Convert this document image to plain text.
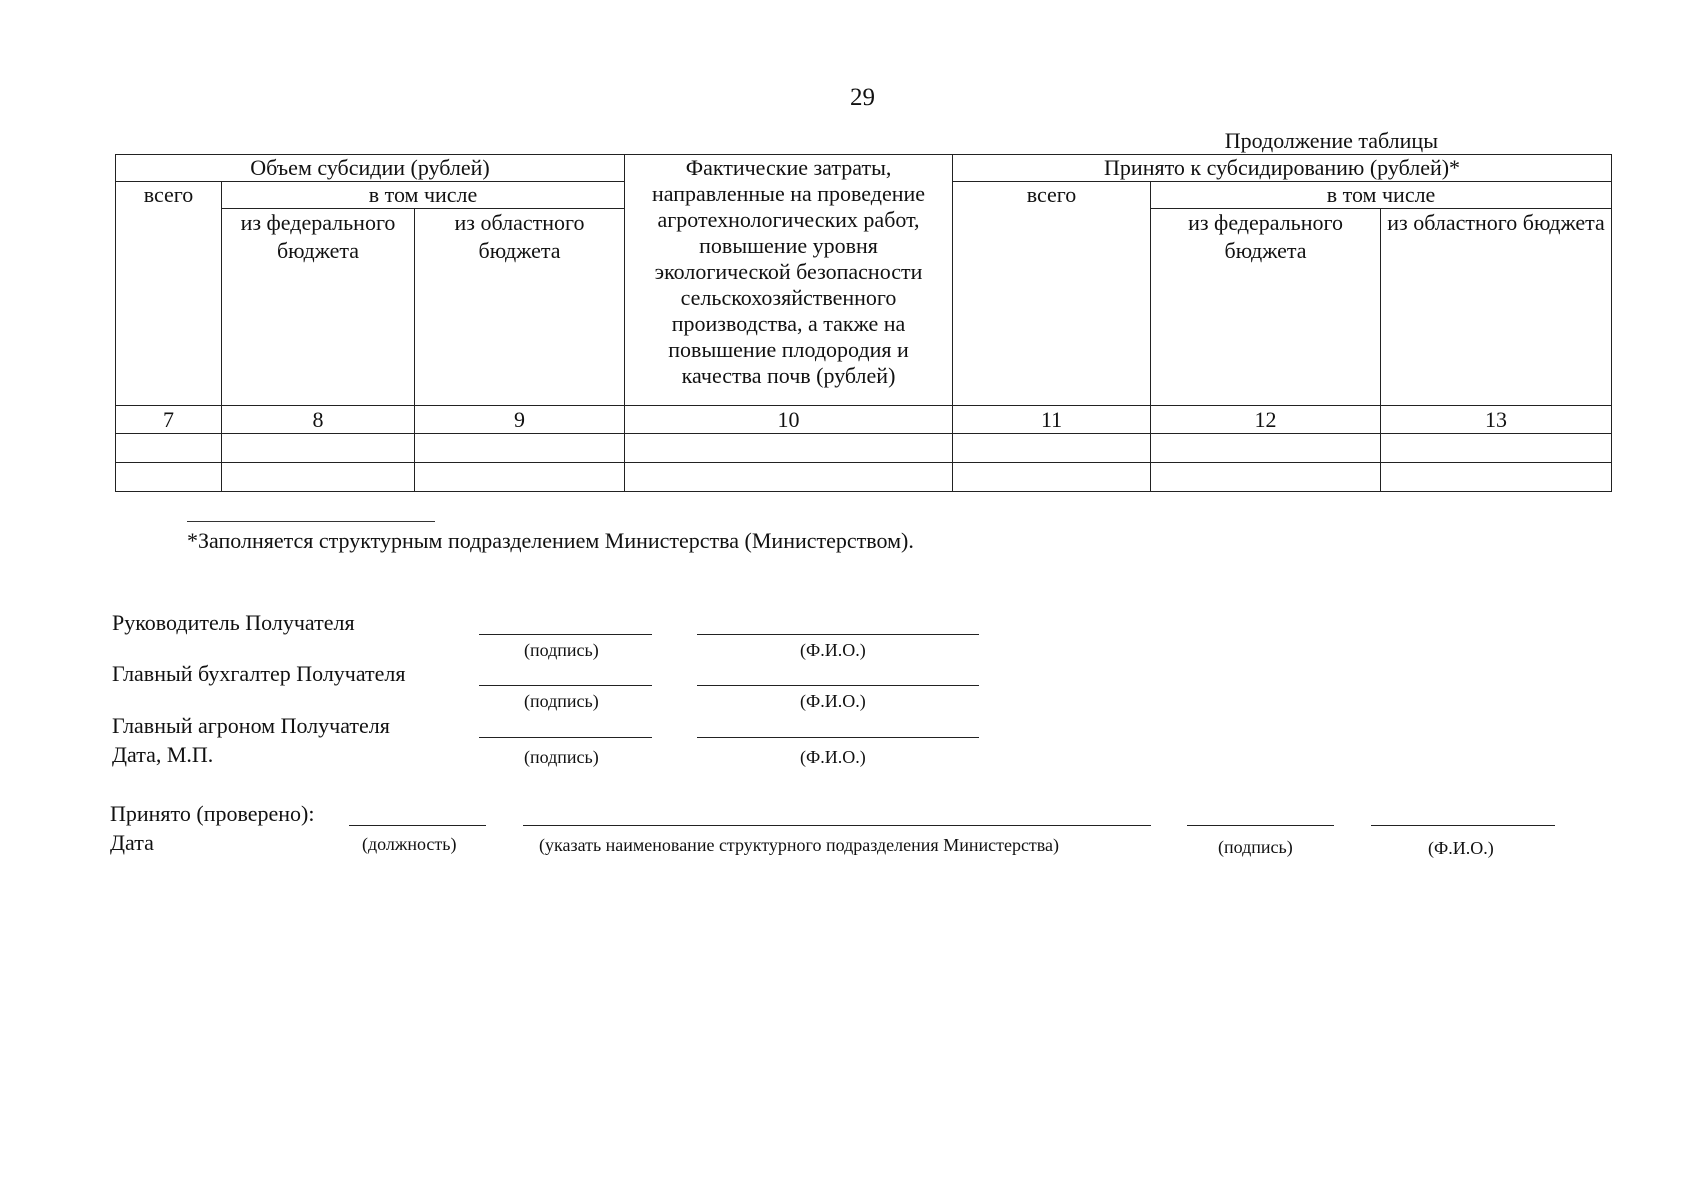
29
Продолжение таблицы
Объем субсидии (рублей)			Фактические затраты, направленные на проведение агротехнологических работ, повышение уровня экологической безопасности сельскохозяйственного производства, а также на повышение плодородия и качества почв (рублей)	Принято к субсидированию (рублей)*		
всего	в том числе			всего	в том числе	
	из федерального бюджета	из областного бюджета			из федерального бюджета	из областного бюджета
7	8	9	10	11	12	13

*Заполняется структурным подразделением Министерства (Министерством).
Руководитель Получателя
(подпись)	(Ф.И.О.)
Главный бухгалтер Получателя
(подпись)	(Ф.И.О.)
Главный агроном Получателя
Дата, М.П.	(подпись)	(Ф.И.О.)
Принято (проверено):
Дата	(должность)	(указать наименование структурного подразделения Министерства)	(подпись)	(Ф.И.О.)
